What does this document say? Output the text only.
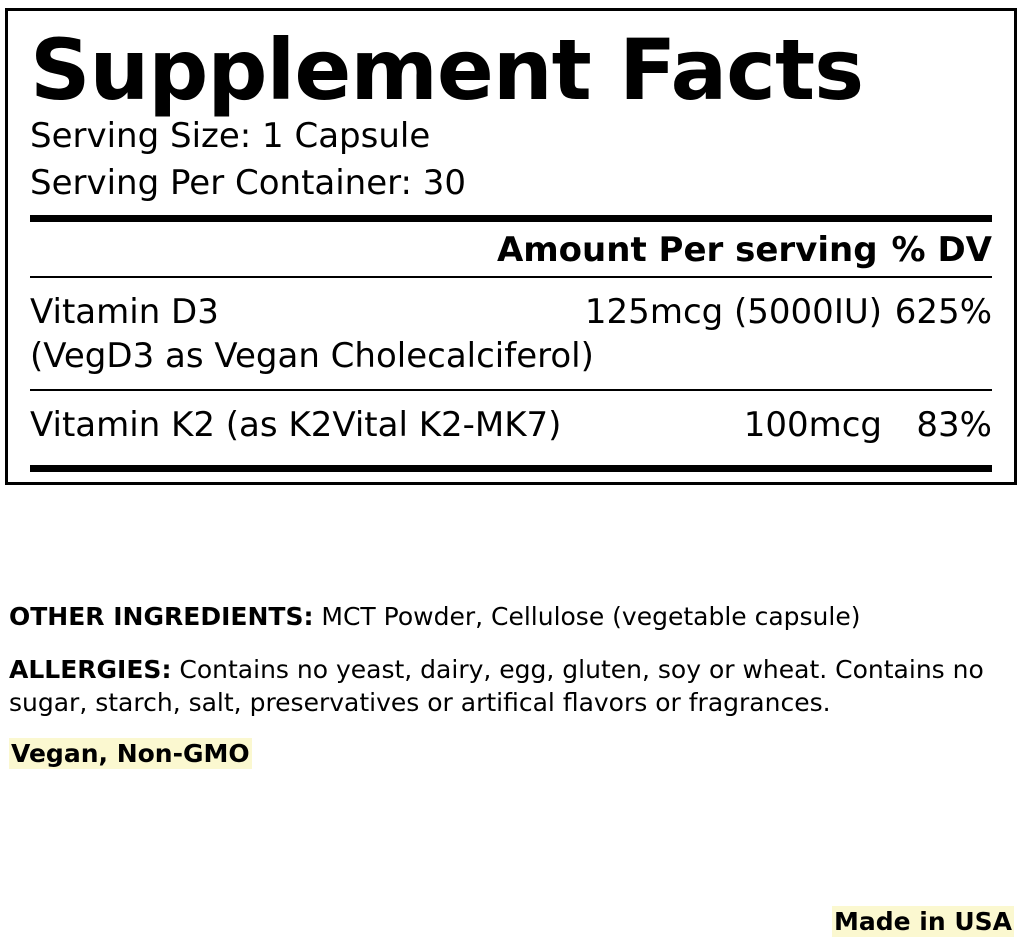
Supplement Facts
Serving Size: 1 Capsule
Serving Per Container: 30
Amount Per serving % DV
Vitamin D3	125mcg (5000IU) 625%
(VegD3 as Vegan Cholecalciferol)
Vitamin K2 (as K2Vital K2-MK7)	100mcg	83%
OTHER INGREDIENTS: MCT Powder, Cellulose (vegetable capsule)
ALLERGIES: Contains no yeast, dairy, egg, gluten, soy or wheat. Contains no sugar, starch, salt, preservatives or artifical flavors or fragrances.
Vegan, Non-GMO
Made in USA
